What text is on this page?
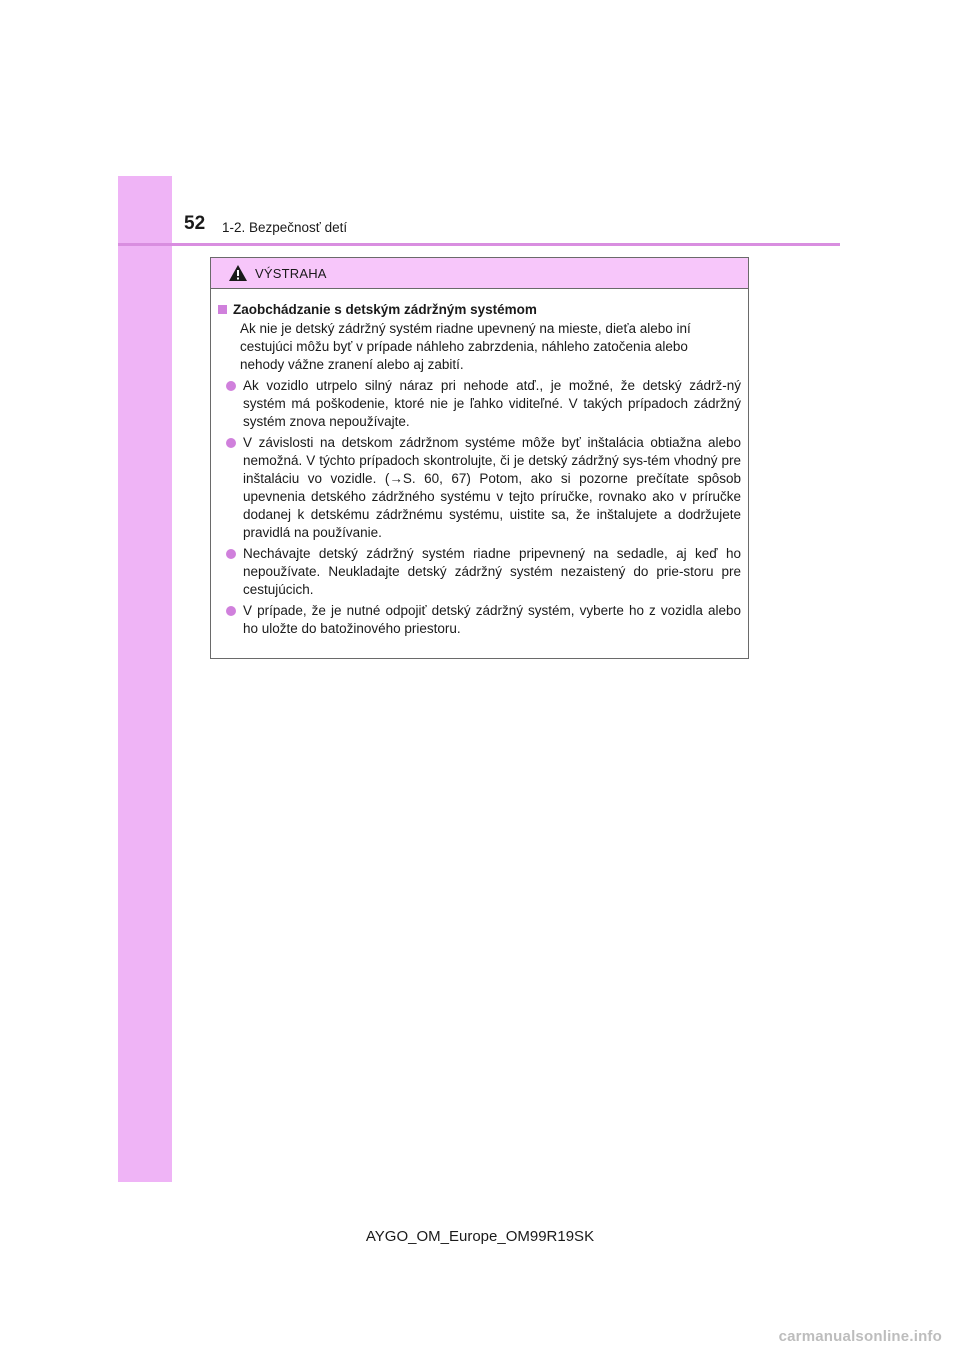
52 1-2. Bezpečnosť detí
VÝSTRAHA
Zaobchádzanie s detským zádržným systémom
Ak nie je detský zádržný systém riadne upevnený na mieste, dieťa alebo iní cestujúci môžu byť v prípade náhleho zabrzdenia, náhleho zatočenia alebo nehody vážne zranení alebo aj zabití.
Ak vozidlo utrpelo silný náraz pri nehode atď., je možné, že detský zádrž-ný systém má poškodenie, ktoré nie je ľahko viditeľné. V takých prípadoch zádržný systém znova nepoužívajte.
V závislosti na detskom zádržnom systéme môže byť inštalácia obtiažna alebo nemožná. V týchto prípadoch skontrolujte, či je detský zádržný sys-tém vhodný pre inštaláciu vo vozidle. (→S. 60, 67) Potom, ako si pozorne prečítate spôsob upevnenia detského zádržného systému v tejto príručke, rovnako ako v príručke dodanej k detskému zádržnému systému, uistite sa, že inštalujete a dodržujete pravidlá na používanie.
Nechávajte detský zádržný systém riadne pripevnený na sedadle, aj keď ho nepoužívate. Neukladajte detský zádržný systém nezaistený do prie-storu pre cestujúcich.
V prípade, že je nutné odpojiť detský zádržný systém, vyberte ho z vozidla alebo ho uložte do batožinového priestoru.
AYGO_OM_Europe_OM99R19SK
carmanualsonline.info
